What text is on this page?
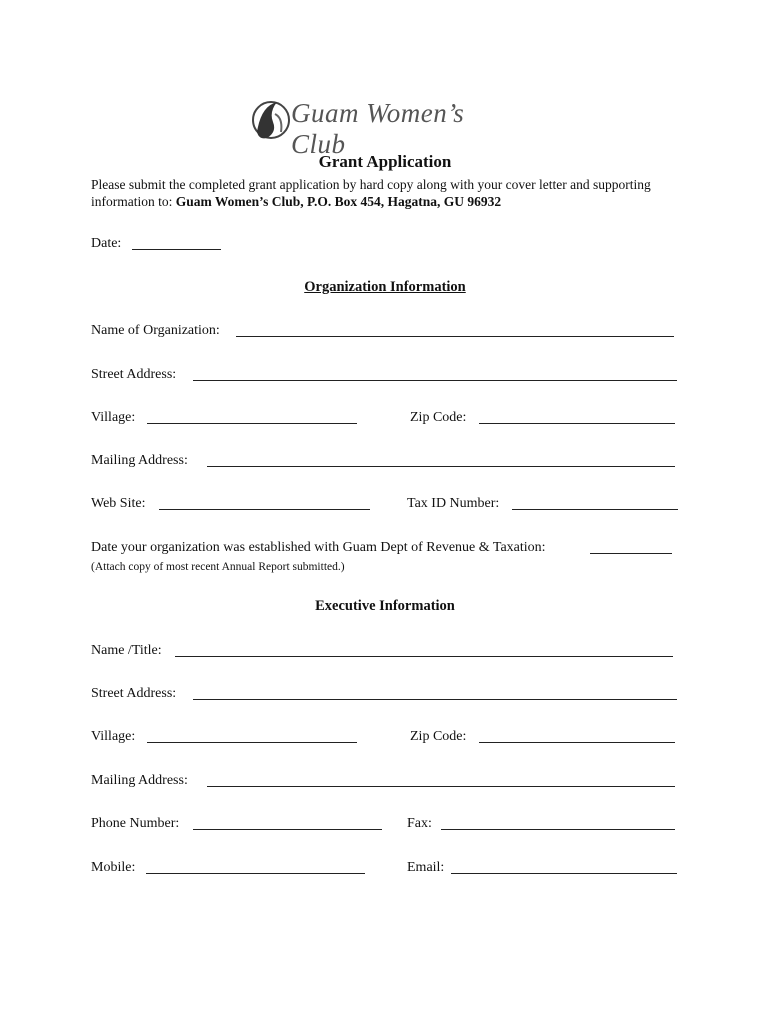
Guam Women’s Club
Grant Application
Please submit the completed grant application by hard copy along with your cover letter and supporting information to: Guam Women’s Club, P.O. Box 454, Hagatna, GU 96932
Date:
Organization Information
Name of Organization:
Street Address:
Village:	Zip Code:
Mailing Address:
Web Site:	Tax ID Number:
Date your organization was established with Guam Dept of Revenue & Taxation:
(Attach copy of most recent Annual Report submitted.)
Executive Information
Name /Title:
Street Address:
Village:	Zip Code:
Mailing Address:
Phone Number:	Fax:
Mobile:	Email:
